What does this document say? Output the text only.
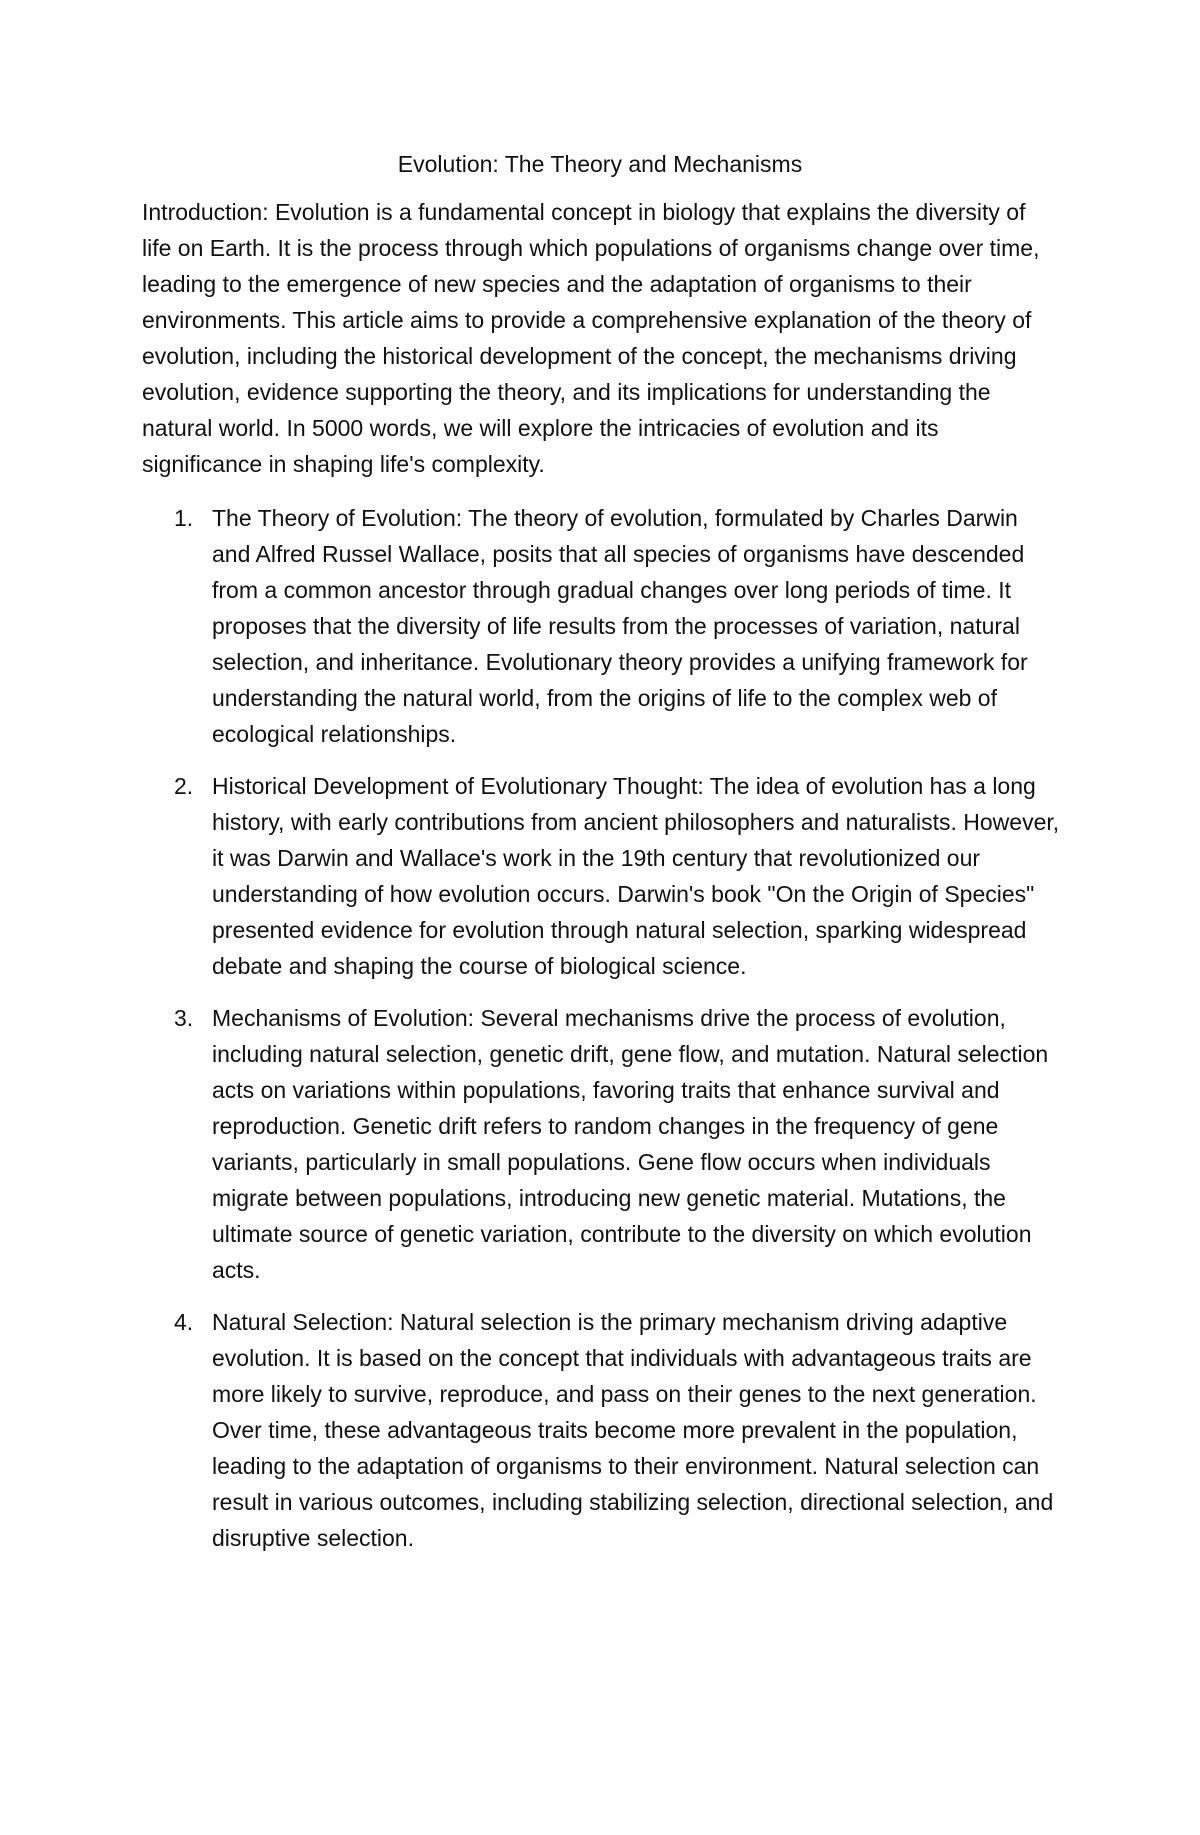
Evolution: The Theory and Mechanisms

Introduction: Evolution is a fundamental concept in biology that explains the diversity of life on Earth. It is the process through which populations of organisms change over time, leading to the emergence of new species and the adaptation of organisms to their environments. This article aims to provide a comprehensive explanation of the theory of evolution, including the historical development of the concept, the mechanisms driving evolution, evidence supporting the theory, and its implications for understanding the natural world. In 5000 words, we will explore the intricacies of evolution and its significance in shaping life's complexity.

1. The Theory of Evolution: The theory of evolution, formulated by Charles Darwin and Alfred Russel Wallace, posits that all species of organisms have descended from a common ancestor through gradual changes over long periods of time. It proposes that the diversity of life results from the processes of variation, natural selection, and inheritance. Evolutionary theory provides a unifying framework for understanding the natural world, from the origins of life to the complex web of ecological relationships.
2. Historical Development of Evolutionary Thought: The idea of evolution has a long history, with early contributions from ancient philosophers and naturalists. However, it was Darwin and Wallace's work in the 19th century that revolutionized our understanding of how evolution occurs. Darwin's book "On the Origin of Species" presented evidence for evolution through natural selection, sparking widespread debate and shaping the course of biological science.
3. Mechanisms of Evolution: Several mechanisms drive the process of evolution, including natural selection, genetic drift, gene flow, and mutation. Natural selection acts on variations within populations, favoring traits that enhance survival and reproduction. Genetic drift refers to random changes in the frequency of gene variants, particularly in small populations. Gene flow occurs when individuals migrate between populations, introducing new genetic material. Mutations, the ultimate source of genetic variation, contribute to the diversity on which evolution acts.
4. Natural Selection: Natural selection is the primary mechanism driving adaptive evolution. It is based on the concept that individuals with advantageous traits are more likely to survive, reproduce, and pass on their genes to the next generation. Over time, these advantageous traits become more prevalent in the population, leading to the adaptation of organisms to their environment. Natural selection can result in various outcomes, including stabilizing selection, directional selection, and disruptive selection.
